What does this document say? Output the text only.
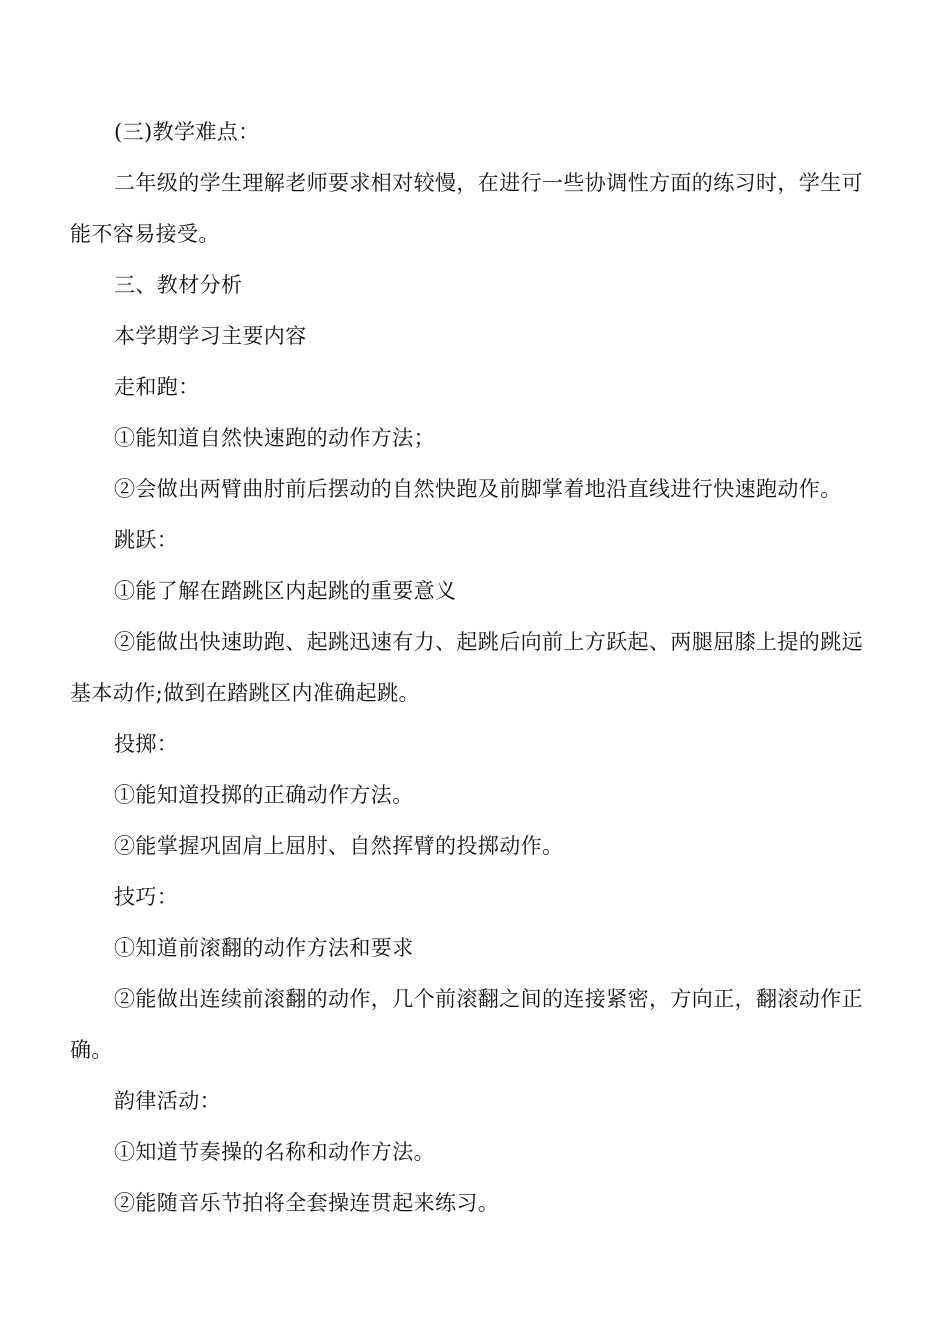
(三)教学难点：

二年级的学生理解老师要求相对较慢，在进行一些协调性方面的练习时，学生可能不容易接受。

三、教材分析

本学期学习主要内容

走和跑：

①能知道自然快速跑的动作方法；

②会做出两臂曲肘前后摆动的自然快跑及前脚掌着地沿直线进行快速跑动作。

跳跃：

①能了解在踏跳区内起跳的重要意义

②能做出快速助跑、起跳迅速有力、起跳后向前上方跃起、两腿屈膝上提的跳远基本动作;做到在踏跳区内准确起跳。

投掷：

①能知道投掷的正确动作方法。

②能掌握巩固肩上屈肘、自然挥臂的投掷动作。

技巧：

①知道前滚翻的动作方法和要求

②能做出连续前滚翻的动作，几个前滚翻之间的连接紧密，方向正，翻滚动作正确。

韵律活动：

①知道节奏操的名称和动作方法。

②能随音乐节拍将全套操连贯起来练习。
